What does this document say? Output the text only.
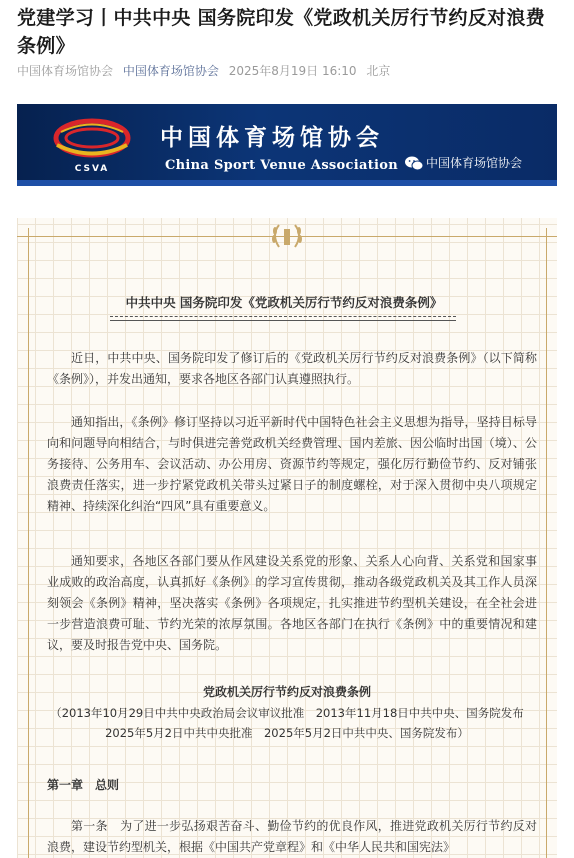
党建学习丨中共中央 国务院印发《党政机关厉行节约反对浪费条例》
中国体育场馆协会 中国体育场馆协会 2025年8月19日 16:10 北京
CSVA
中国体育场馆协会
China Sport Venue Association	中国体育场馆协会
中共中央 国务院印发《党政机关厉行节约反对浪费条例》
近日，中共中央、国务院印发了修订后的《党政机关厉行节约反对浪费条例》（以下简称《条例》），并发出通知，要求各地区各部门认真遵照执行。
通知指出，《条例》修订坚持以习近平新时代中国特色社会主义思想为指导，坚持目标导向和问题导向相结合，与时俱进完善党政机关经费管理、国内差旅、因公临时出国（境）、公务接待、公务用车、会议活动、办公用房、资源节约等规定，强化厉行勤俭节约、反对铺张浪费责任落实，进一步拧紧党政机关带头过紧日子的制度螺栓，对于深入贯彻中央八项规定精神、持续深化纠治“四风”具有重要意义。
通知要求，各地区各部门要从作风建设关系党的形象、关系人心向背、关系党和国家事业成败的政治高度，认真抓好《条例》的学习宣传贯彻，推动各级党政机关及其工作人员深刻领会《条例》精神，坚决落实《条例》各项规定，扎实推进节约型机关建设，在全社会进一步营造浪费可耻、节约光荣的浓厚氛围。各地区各部门在执行《条例》中的重要情况和建议，要及时报告党中央、国务院。
党政机关厉行节约反对浪费条例
（2013年10月29日中共中央政治局会议审议批准　2013年11月18日中共中央、国务院发布
2025年5月2日中共中央批准　2025年5月2日中共中央、国务院发布）
第一章　总则
第一条　为了进一步弘扬艰苦奋斗、勤俭节约的优良作风，推进党政机关厉行节约反对浪费，建设节约型机关，根据《中国共产党章程》和《中华人民共和国宪法》
